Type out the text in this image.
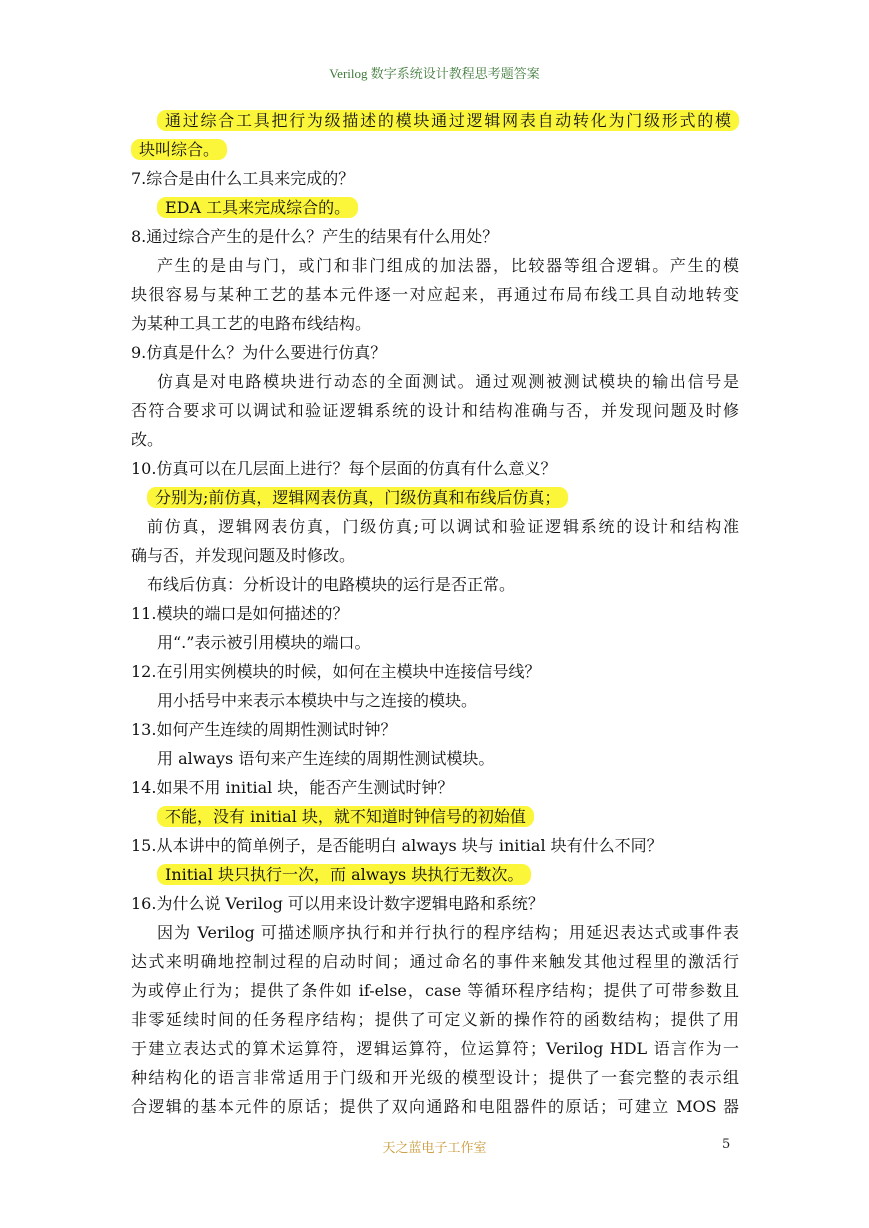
Verilog 数字系统设计教程思考题答案
通过综合工具把行为级描述的模块通过逻辑网表自动转化为门级形式的模
块叫综合。
7.综合是由什么工具来完成的？
EDA 工具来完成综合的。
8.通过综合产生的是什么？产生的结果有什么用处？
产生的是由与门，或门和非门组成的加法器，比较器等组合逻辑。产生的模
块很容易与某种工艺的基本元件逐一对应起来，再通过布局布线工具自动地转变
为某种工具工艺的电路布线结构。
9.仿真是什么？为什么要进行仿真？
仿真是对电路模块进行动态的全面测试。通过观测被测试模块的输出信号是
否符合要求可以调试和验证逻辑系统的设计和结构准确与否，并发现问题及时修
改。
10.仿真可以在几层面上进行？每个层面的仿真有什么意义？
分别为;前仿真，逻辑网表仿真，门级仿真和布线后仿真；
前仿真，逻辑网表仿真，门级仿真;可以调试和验证逻辑系统的设计和结构准
确与否，并发现问题及时修改。
布线后仿真：分析设计的电路模块的运行是否正常。
11.模块的端口是如何描述的？
用“.”表示被引用模块的端口。
12.在引用实例模块的时候，如何在主模块中连接信号线？
用小括号中来表示本模块中与之连接的模块。
13.如何产生连续的周期性测试时钟？
用 always 语句来产生连续的周期性测试模块。
14.如果不用 initial 块，能否产生测试时钟？
不能，没有 initial 块，就不知道时钟信号的初始值
15.从本讲中的简单例子，是否能明白 always 块与 initial 块有什么不同？
Initial 块只执行一次，而 always 块执行无数次。
16.为什么说 Verilog 可以用来设计数字逻辑电路和系统？
因为 Verilog 可描述顺序执行和并行执行的程序结构；用延迟表达式或事件表
达式来明确地控制过程的启动时间；通过命名的事件来触发其他过程里的激活行
为或停止行为；提供了条件如 if-else，case 等循环程序结构；提供了可带参数且
非零延续时间的任务程序结构；提供了可定义新的操作符的函数结构；提供了用
于建立表达式的算术运算符，逻辑运算符，位运算符；Verilog HDL 语言作为一
种结构化的语言非常适用于门级和开光级的模型设计；提供了一套完整的表示组
合逻辑的基本元件的原话；提供了双向通路和电阻器件的原话；可建立 MOS 器
天之蓝电子工作室	5
